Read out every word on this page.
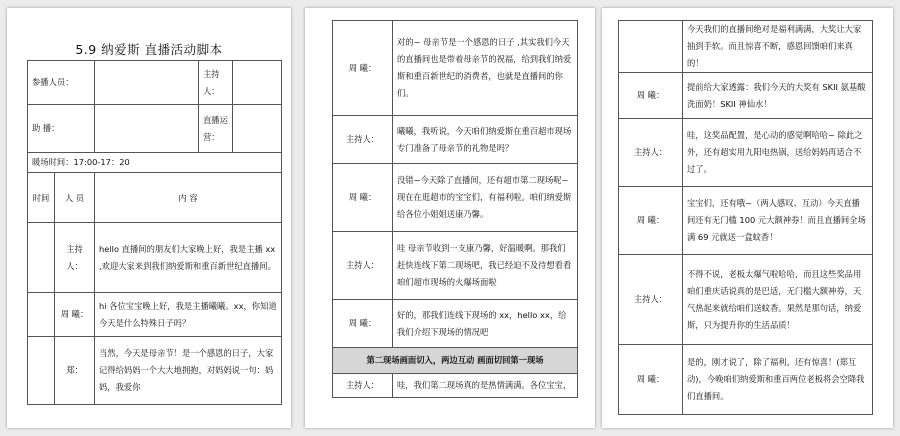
5.9 纳爱斯 直播活动脚本
参播人员：			主持人：	
助 播：			直播运营：	
暖场时间：17:00-17：20				
时间	人 员	内 容		
	主持人：	hello 直播间的朋友们大家晚上好，我是主播 xx ,欢迎大家来到我们纳爱斯和重百新世纪直播间。		
	周 曦：	hi 各位宝宝晚上好，我是主播曦曦。xx，你知道今天是什么特殊日子吗？		
	郑：	当然，今天是母亲节！是一个感恩的日子，大家记得给妈妈一个大大地拥抱，对妈妈说一句：妈妈，我爱你		
周 曦：	对的~ 母亲节是一个感恩的日子 ,其实我们今天的直播间也是带着母亲节的祝福，给到我们纳爱斯和重百新世纪的消费者，也就是直播间的你们。
主持人：	曦曦，我听说，今天咱们纳爱斯在重百超市现场专门准备了母亲节的礼物是吗？
周 曦：	没错~今天除了直播间，还有超市第二现场呢~现在在逛超市的宝宝们，有福利啦。咱们纳爱斯给各位小姐姐送康乃馨。
主持人：	哇 母亲节收到一支康乃馨，好温暖啊。那我们赶快连线下第二现场吧，我已经迫不及待想看看咱们超市现场的火爆场面啦
周 曦：	好的，那我们连线下现场的 xx，hello xx，给我们介绍下现场的情况吧
第二现场画面切入，两边互动 画面切回第一现场	
主持人：	哇，我们第二现场真的是热情满满。各位宝宝，
	今天我们的直播间绝对是福利满满，大奖让大家抽到手软。而且惊喜不断，感恩回馈咱们来真的！
周 曦：	提前给大家透露：我们今天的大奖有 SKII 氨基酸洗面奶！SKII 神仙水！
主持人：	哇，这奖品配置，是心动的感觉啊哈哈~ 除此之外，还有超实用九阳电热锅，送给妈妈再适合不过了。
周 曦：	宝宝们，还有哦~（两人感叹、互动）今天直播间还有无门槛 100 元大额神券！而且直播间全场满 69 元就送一盒蚊香！
主持人：	不得不说，老板太爆气啦哈哈，而且这些奖品用咱们重庆话说真的是巴适，无门槛大额神券，天气热起来就给咱们送蚊香。果然是那句话，纳爱斯，只为提升你的生活品质！
周 曦：	是的，刚才说了，除了福利，还有惊喜！(郑互动)，今晚咱们纳爱斯和重百两位老板将会空降我们直播间。
